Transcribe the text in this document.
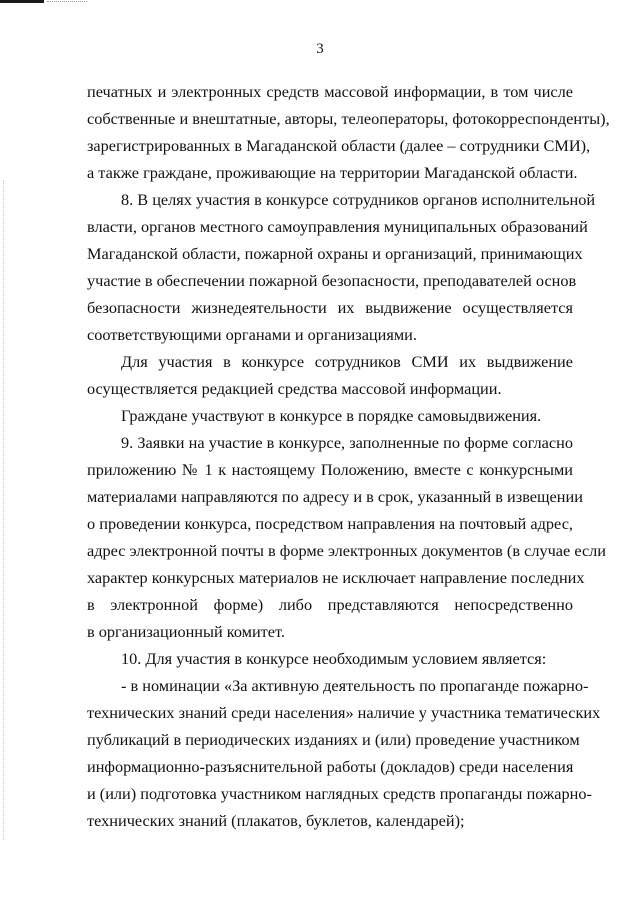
3
печатных и электронных средств массовой информации, в том числе
собственные и внештатные, авторы, телеоператоры, фотокорреспонденты),
зарегистрированных в Магаданской области (далее – сотрудники СМИ),
а также граждане, проживающие на территории Магаданской области.
8. В целях участия в конкурсе сотрудников органов исполнительной
власти, органов местного самоуправления муниципальных образований
Магаданской области, пожарной охраны и организаций, принимающих
участие в обеспечении пожарной безопасности, преподавателей основ
безопасности жизнедеятельности их выдвижение осуществляется
соответствующими органами и организациями.
Для участия в конкурсе сотрудников СМИ их выдвижение
осуществляется редакцией средства массовой информации.
Граждане участвуют в конкурсе в порядке самовыдвижения.
9. Заявки на участие в конкурсе, заполненные по форме согласно
приложению № 1 к настоящему Положению, вместе с конкурсными
материалами направляются по адресу и в срок, указанный в извещении
о проведении конкурса, посредством направления на почтовый адрес,
адрес электронной почты в форме электронных документов (в случае если
характер конкурсных материалов не исключает направление последних
в электронной форме) либо представляются непосредственно
в организационный комитет.
10. Для участия в конкурсе необходимым условием является:
- в номинации «За активную деятельность по пропаганде пожарно-
технических знаний среди населения» наличие у участника тематических
публикаций в периодических изданиях и (или) проведение участником
информационно-разъяснительной работы (докладов) среди населения
и (или) подготовка участником наглядных средств пропаганды пожарно-
технических знаний (плакатов, буклетов, календарей);
